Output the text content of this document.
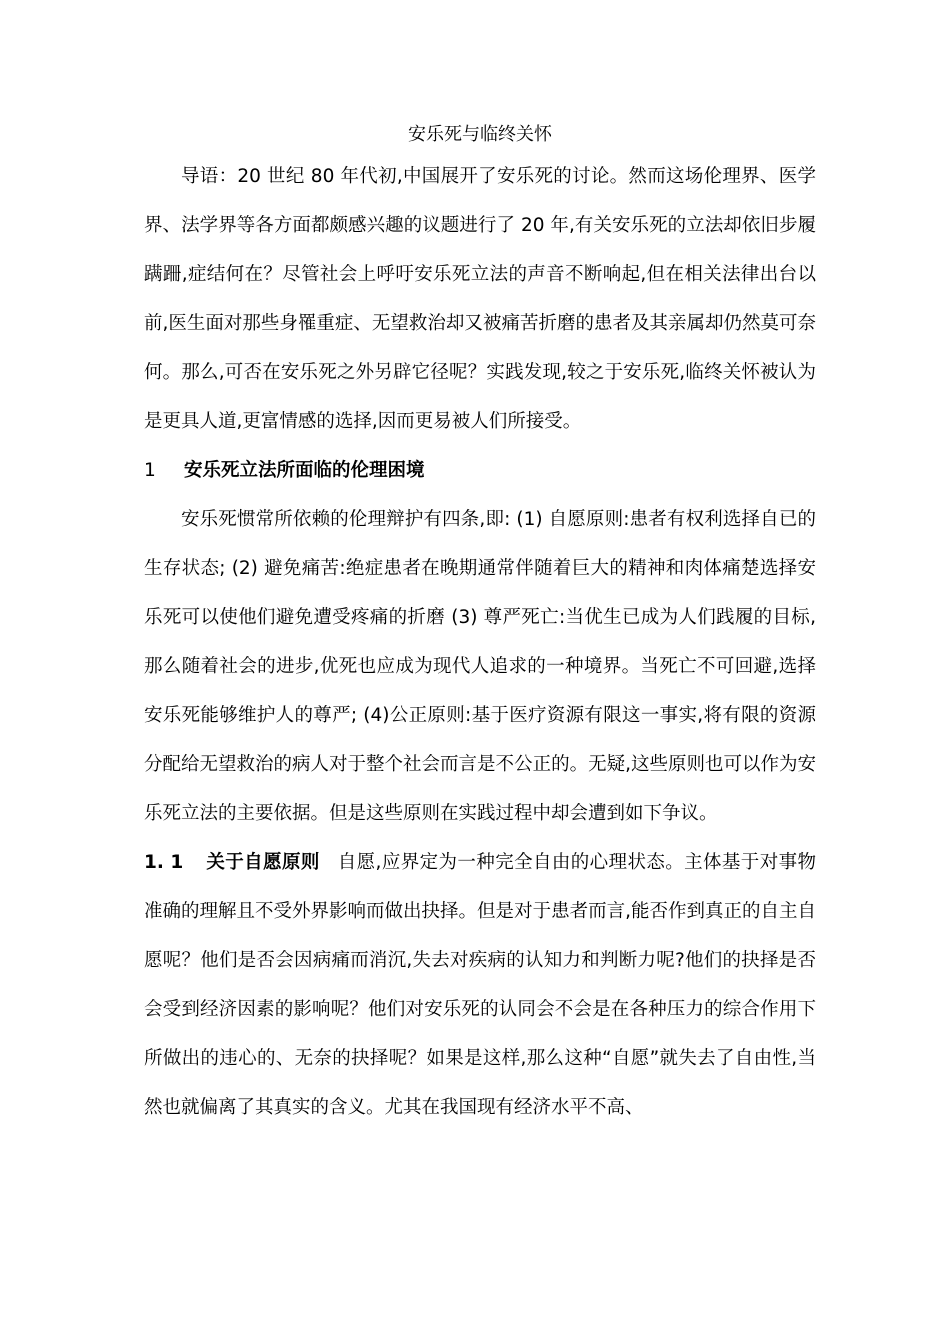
安乐死与临终关怀

导语：20 世纪 80 年代初,中国展开了安乐死的讨论。然而这场伦理界、医学界、法学界等各方面都颇感兴趣的议题进行了 20 年,有关安乐死的立法却依旧步履蹒跚,症结何在？尽管社会上呼吁安乐死立法的声音不断响起,但在相关法律出台以前,医生面对那些身罹重症、无望救治却又被痛苦折磨的患者及其亲属却仍然莫可奈何。那么,可否在安乐死之外另辟它径呢？实践发现,较之于安乐死,临终关怀被认为是更具人道,更富情感的选择,因而更易被人们所接受。

1 安乐死立法所面临的伦理困境

安乐死惯常所依赖的伦理辩护有四条,即: (1) 自愿原则:患者有权利选择自已的生存状态; (2) 避免痛苦:绝症患者在晚期通常伴随着巨大的精神和肉体痛楚选择安乐死可以使他们避免遭受疼痛的折磨 (3) 尊严死亡:当优生已成为人们践履的目标,那么随着社会的进步,优死也应成为现代人追求的一种境界。当死亡不可回避,选择安乐死能够维护人的尊严; (4)公正原则:基于医疗资源有限这一事实,将有限的资源分配给无望救治的病人对于整个社会而言是不公正的。无疑,这些原则也可以作为安乐死立法的主要依据。但是这些原则在实践过程中却会遭到如下争议。

1. 1 关于自愿原则 自愿,应界定为一种完全自由的心理状态。主体基于对事物准确的理解且不受外界影响而做出抉择。但是对于患者而言,能否作到真正的自主自愿呢？他们是否会因病痛而消沉,失去对疾病的认知力和判断力呢?他们的抉择是否会受到经济因素的影响呢？他们对安乐死的认同会不会是在各种压力的综合作用下所做出的违心的、无奈的抉择呢？如果是这样,那么这种“自愿”就失去了自由性,当然也就偏离了其真实的含义。尤其在我国现有经济水平不高、
